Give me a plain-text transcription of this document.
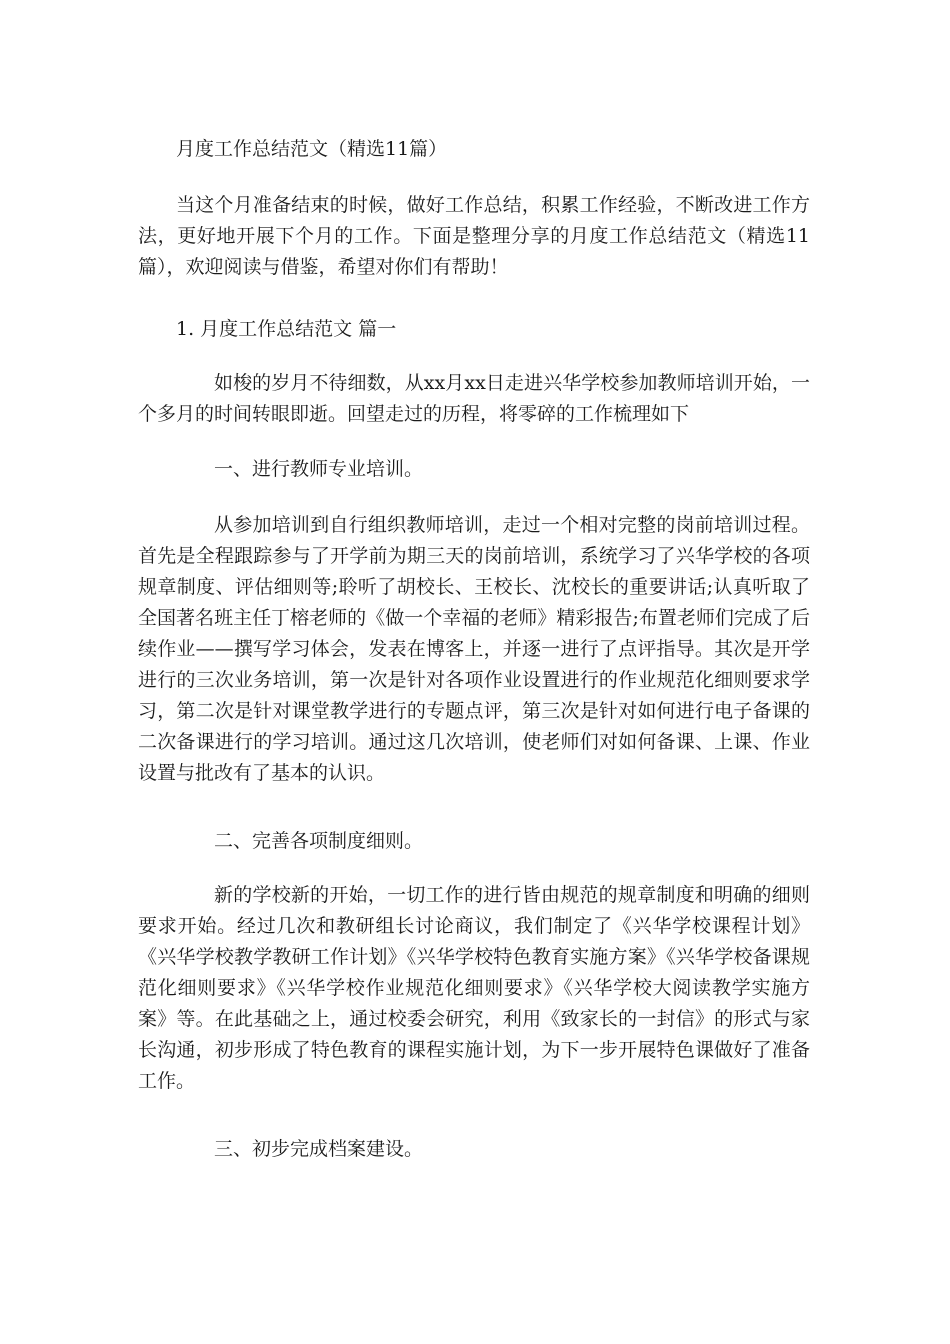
月度工作总结范文（精选11篇）

当这个月准备结束的时候，做好工作总结，积累工作经验，不断改进工作方法，更好地开展下个月的工作。下面是整理分享的月度工作总结范文（精选11篇），欢迎阅读与借鉴，希望对你们有帮助！

1. 月度工作总结范文 篇一

如梭的岁月不待细数，从xx月xx日走进兴华学校参加教师培训开始，一个多月的时间转眼即逝。回望走过的历程，将零碎的工作梳理如下

一、进行教师专业培训。

从参加培训到自行组织教师培训，走过一个相对完整的岗前培训过程。首先是全程跟踪参与了开学前为期三天的岗前培训，系统学习了兴华学校的各项规章制度、评估细则等;聆听了胡校长、王校长、沈校长的重要讲话;认真听取了全国著名班主任丁榕老师的《做一个幸福的老师》精彩报告;布置老师们完成了后续作业——撰写学习体会，发表在博客上，并逐一进行了点评指导。其次是开学进行的三次业务培训，第一次是针对各项作业设置进行的作业规范化细则要求学习，第二次是针对课堂教学进行的专题点评，第三次是针对如何进行电子备课的二次备课进行的学习培训。通过这几次培训，使老师们对如何备课、上课、作业设置与批改有了基本的认识。

二、完善各项制度细则。

新的学校新的开始，一切工作的进行皆由规范的规章制度和明确的细则要求开始。经过几次和教研组长讨论商议，我们制定了《兴华学校课程计划》《兴华学校教学教研工作计划》《兴华学校特色教育实施方案》《兴华学校备课规范化细则要求》《兴华学校作业规范化细则要求》《兴华学校大阅读教学实施方案》等。在此基础之上，通过校委会研究，利用《致家长的一封信》的形式与家长沟通，初步形成了特色教育的课程实施计划，为下一步开展特色课做好了准备工作。

三、初步完成档案建设。
